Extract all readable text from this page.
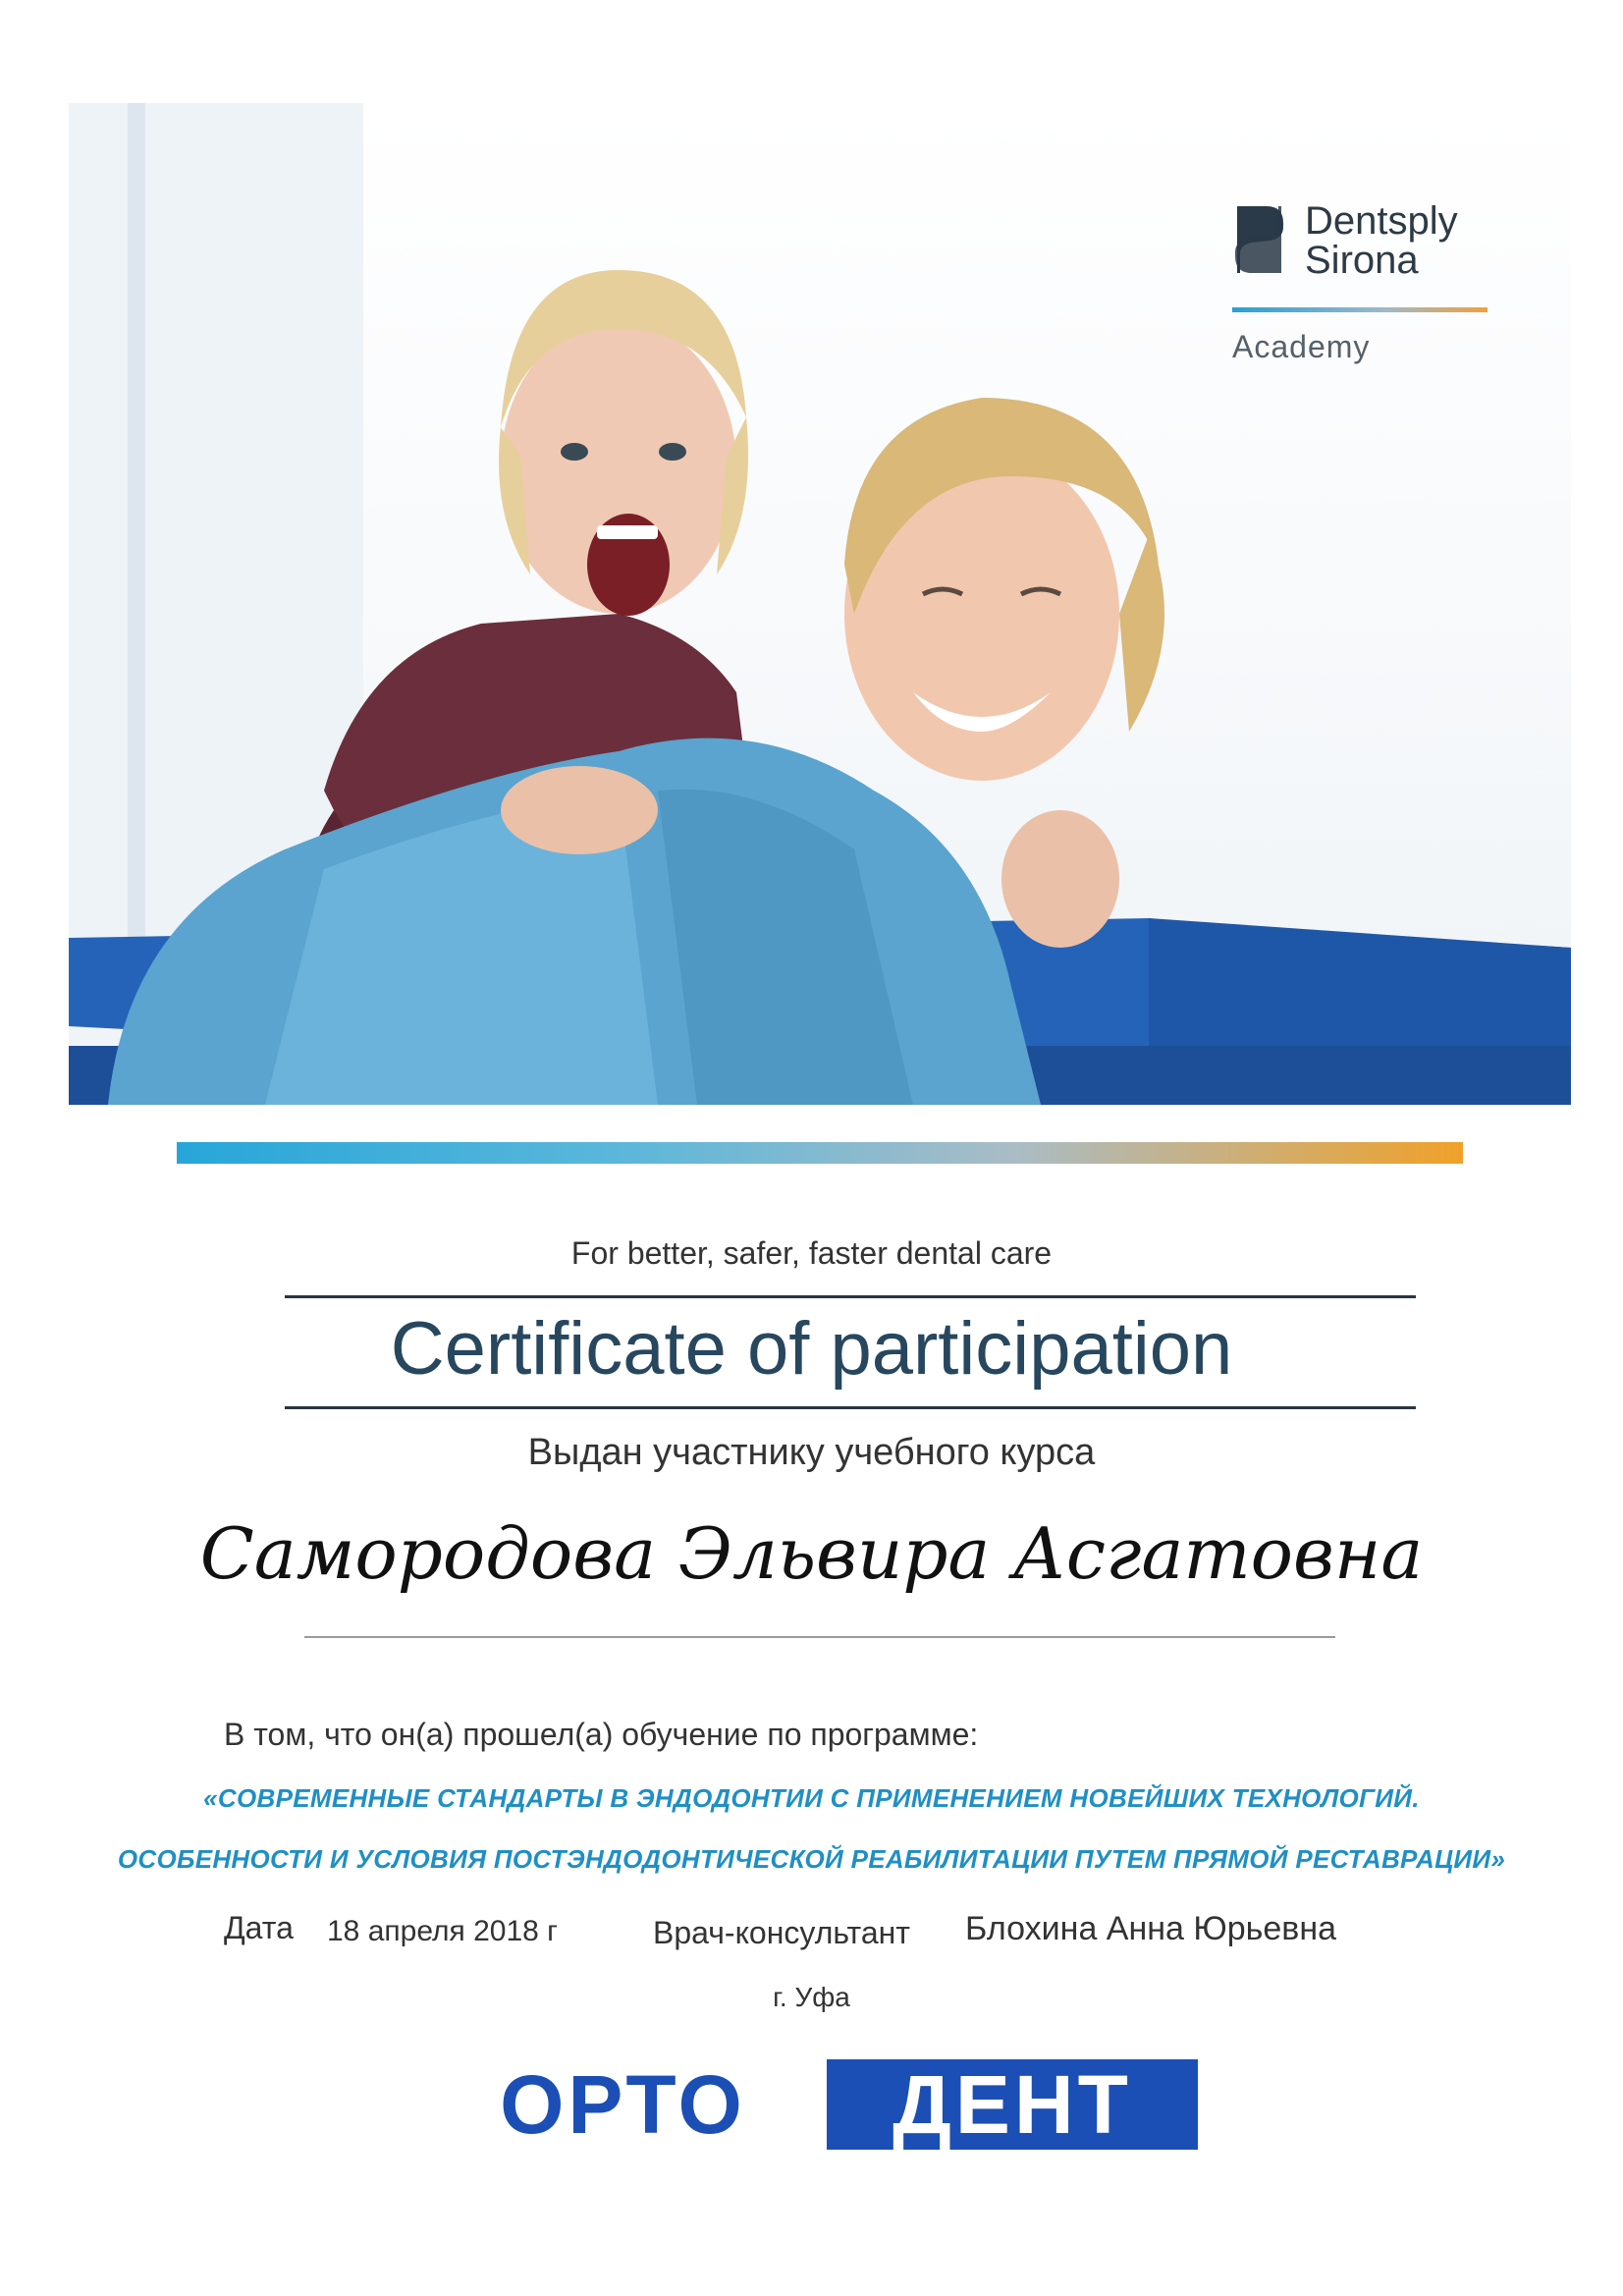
Dentsply
Sirona
Academy
For better, safer, faster dental care
Certificate of participation
Выдан участнику учебного курса
Самородова Эльвира Асгатовна
В том, что он(а) прошел(а) обучение по программе:
«СОВРЕМЕННЫЕ СТАНДАРТЫ В ЭНДОДОНТИИ С ПРИМЕНЕНИЕМ НОВЕЙШИХ ТЕХНОЛОГИЙ.
ОСОБЕННОСТИ И УСЛОВИЯ ПОСТЭНДОДОНТИЧЕСКОЙ РЕАБИЛИТАЦИИ ПУТЕМ ПРЯМОЙ РЕСТАВРАЦИИ»
Дата 18 апреля 2018 г	Врач-консультант Блохина Анна Юрьевна
г. Уфа
ОРТО	ДЕНТ
